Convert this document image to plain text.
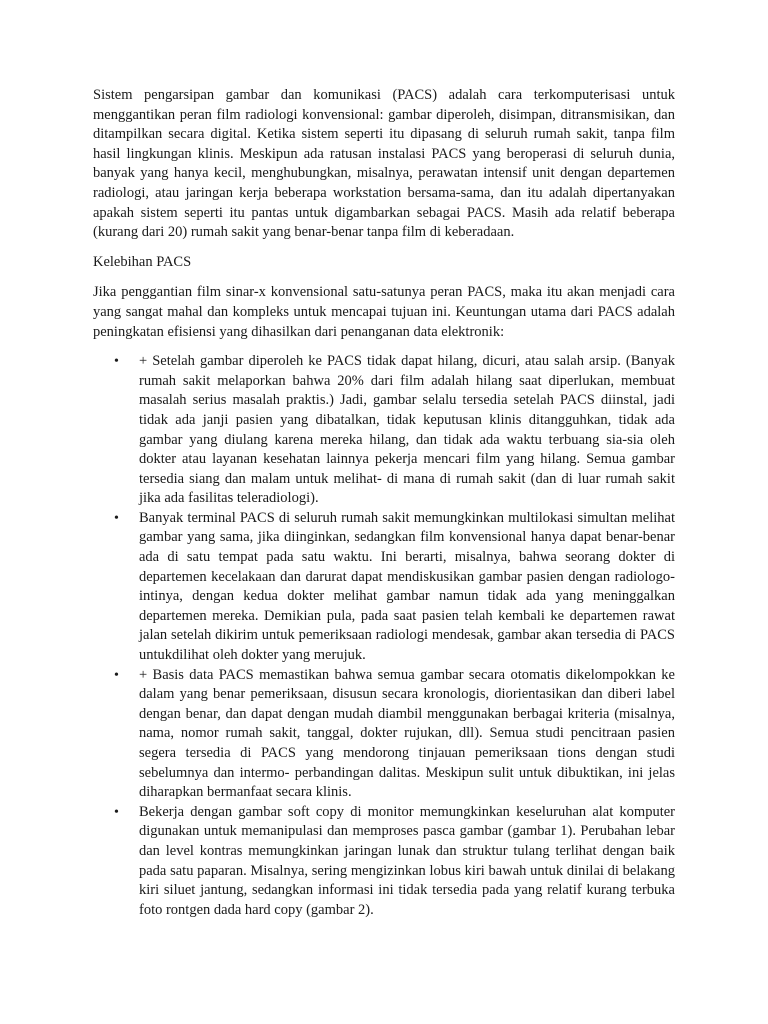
Sistem pengarsipan gambar dan komunikasi (PACS) adalah cara terkomputerisasi untuk menggantikan peran film radiologi konvensional: gambar diperoleh, disimpan, ditransmisikan, dan ditampilkan secara digital. Ketika sistem seperti itu dipasang di seluruh rumah sakit, tanpa film hasil lingkungan klinis. Meskipun ada ratusan instalasi PACS yang beroperasi di seluruh dunia, banyak yang hanya kecil, menghubungkan, misalnya, perawatan intensif unit dengan departemen radiologi, atau jaringan kerja beberapa workstation bersama-sama, dan itu adalah dipertanyakan apakah sistem seperti itu pantas untuk digambarkan sebagai PACS. Masih ada relatif beberapa (kurang dari 20) rumah sakit yang benar-benar tanpa film di keberadaan.

Kelebihan PACS

Jika penggantian film sinar-x konvensional satu-satunya peran PACS, maka itu akan menjadi cara yang sangat mahal dan kompleks untuk mencapai tujuan ini. Keuntungan utama dari PACS adalah peningkatan efisiensi yang dihasilkan dari penanganan data elektronik:

• + Setelah gambar diperoleh ke PACS tidak dapat hilang, dicuri, atau salah arsip. (Banyak rumah sakit melaporkan bahwa 20% dari film adalah hilang saat diperlukan, membuat masalah serius masalah praktis.) Jadi, gambar selalu tersedia setelah PACS diinstal, jadi tidak ada janji pasien yang dibatalkan, tidak keputusan klinis ditangguhkan, tidak ada gambar yang diulang karena mereka hilang, dan tidak ada waktu terbuang sia-sia oleh dokter atau layanan kesehatan lainnya pekerja mencari film yang hilang. Semua gambar tersedia siang dan malam untuk melihat- di mana di rumah sakit (dan di luar rumah sakit jika ada fasilitas teleradiologi).
• Banyak terminal PACS di seluruh rumah sakit memungkinkan multilokasi simultan melihat gambar yang sama, jika diinginkan, sedangkan film konvensional hanya dapat benar-benar ada di satu tempat pada satu waktu. Ini berarti, misalnya, bahwa seorang dokter di departemen kecelakaan dan darurat dapat mendiskusikan gambar pasien dengan radiologo-intinya, dengan kedua dokter melihat gambar namun tidak ada yang meninggalkan departemen mereka. Demikian pula, pada saat pasien telah kembali ke departemen rawat jalan setelah dikirim untuk pemeriksaan radiologi mendesak, gambar akan tersedia di PACS untukdilihat oleh dokter yang merujuk.
• + Basis data PACS memastikan bahwa semua gambar secara otomatis dikelompokkan ke dalam yang benar pemeriksaan, disusun secara kronologis, diorientasikan dan diberi label dengan benar, dan dapat dengan mudah diambil menggunakan berbagai kriteria (misalnya, nama, nomor rumah sakit, tanggal, dokter rujukan, dll). Semua studi pencitraan pasien segera tersedia di PACS yang mendorong tinjauan pemeriksaan tions dengan studi sebelumnya dan intermo- perbandingan dalitas. Meskipun sulit untuk dibuktikan, ini jelas diharapkan bermanfaat secara klinis.
• Bekerja dengan gambar soft copy di monitor memungkinkan keseluruhan alat komputer digunakan untuk memanipulasi dan memproses pasca gambar (gambar 1). Perubahan lebar dan level kontras memungkinkan jaringan lunak dan struktur tulang terlihat dengan baik pada satu paparan. Misalnya, sering mengizinkan lobus kiri bawah untuk dinilai di belakang kiri siluet jantung, sedangkan informasi ini tidak tersedia pada yang relatif kurang terbuka foto rontgen dada hard copy (gambar 2).
